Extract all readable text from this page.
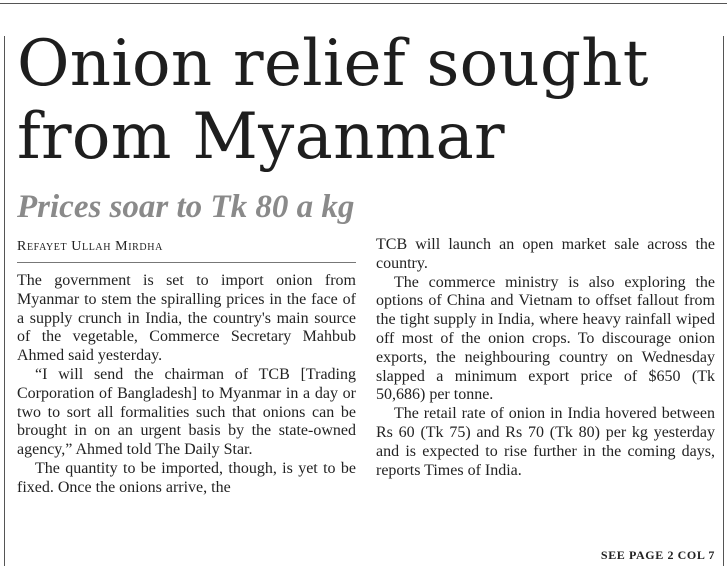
Onion relief sought from Myanmar
Prices soar to Tk 80 a kg
Refayet Ullah Mirdha

The government is set to import onion from Myanmar to stem the spiralling prices in the face of a supply crunch in India, the country's main source of the vegetable, Commerce Secretary Mahbub Ahmed said yesterday.

“I will send the chairman of TCB [Trading Corporation of Bangladesh] to Myanmar in a day or two to sort all formalities such that onions can be brought in on an urgent basis by the state-owned agency,” Ahmed told The Daily Star.

The quantity to be imported, though, is yet to be fixed. Once the onions arrive, the

TCB will launch an open market sale across the country.

The commerce ministry is also exploring the options of China and Vietnam to offset fallout from the tight supply in India, where heavy rainfall wiped off most of the onion crops. To discourage onion exports, the neighbouring country on Wednesday slapped a minimum export price of $650 (Tk 50,686) per tonne.

The retail rate of onion in India hovered between Rs 60 (Tk 75) and Rs 70 (Tk 80) per kg yesterday and is expected to rise further in the coming days, reports Times of India.

SEE PAGE 2 COL 7
